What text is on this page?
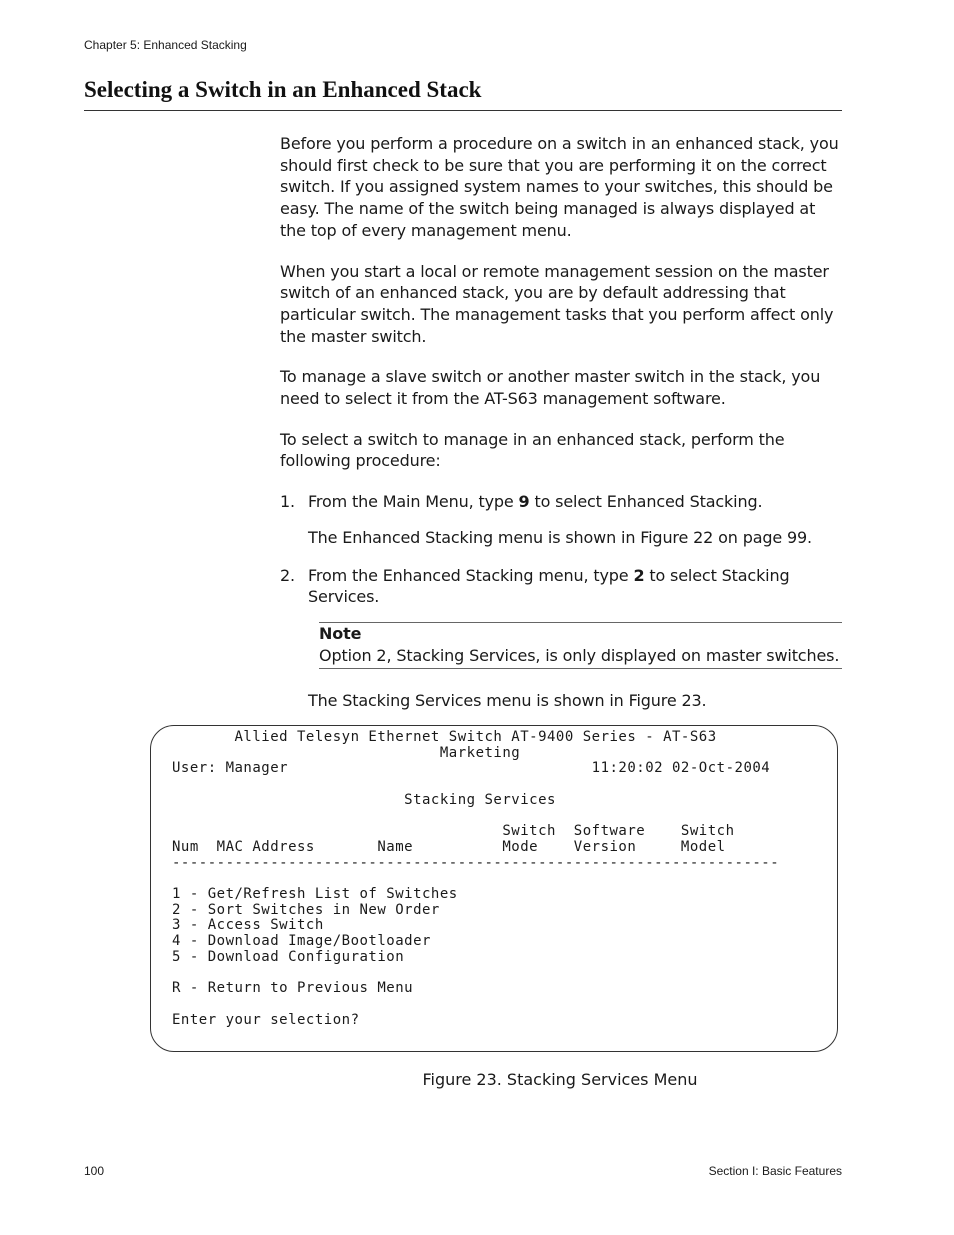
Chapter 5: Enhanced Stacking
Selecting a Switch in an Enhanced Stack

Before you perform a procedure on a switch in an enhanced stack, you should first check to be sure that you are performing it on the correct switch. If you assigned system names to your switches, this should be easy. The name of the switch being managed is always displayed at the top of every management menu.

When you start a local or remote management session on the master switch of an enhanced stack, you are by default addressing that particular switch. The management tasks that you perform affect only the master switch.

To manage a slave switch or another master switch in the stack, you need to select it from the AT-S63 management software.

To select a switch to manage in an enhanced stack, perform the following procedure:

1. From the Main Menu, type 9 to select Enhanced Stacking.

The Enhanced Stacking menu is shown in Figure 22 on page 99.

2. From the Enhanced Stacking menu, type 2 to select Stacking Services.

Note
Option 2, Stacking Services, is only displayed on master switches.

The Stacking Services menu is shown in Figure 23.

Allied Telesyn Ethernet Switch AT-9400 Series - AT-S63
Marketing
User: Manager                                  11:20:02 02-Oct-2004

Stacking Services

Switch  Software    Switch
Num  MAC Address       Name          Mode    Version     Model
--------------------------------------------------------------------

1 - Get/Refresh List of Switches
2 - Sort Switches in New Order
3 - Access Switch
4 - Download Image/Bootloader
5 - Download Configuration

R - Return to Previous Menu

Enter your selection?
Figure 23. Stacking Services Menu
100	Section I: Basic Features
